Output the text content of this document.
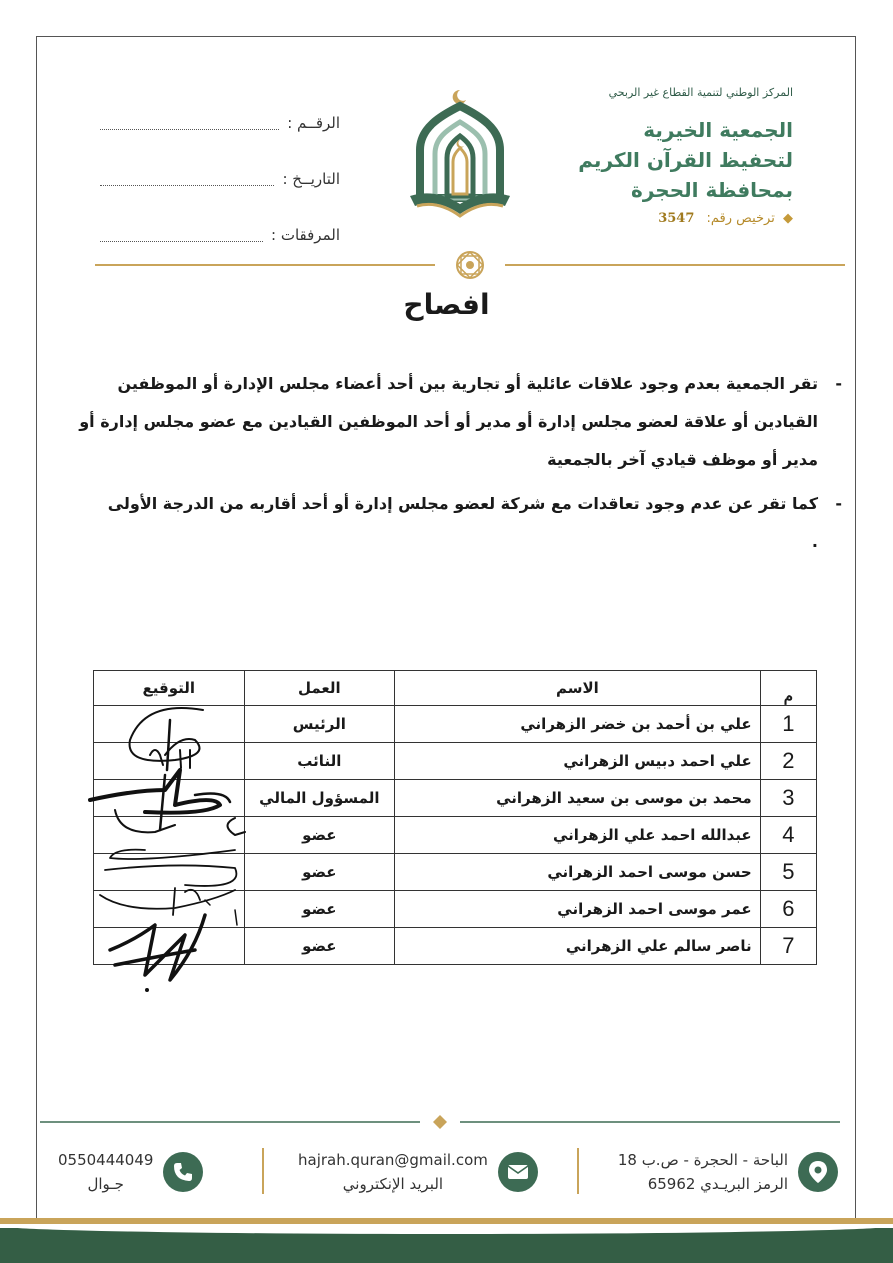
المركز الوطني لتنمية القطاع غير الربحي
الجمعية الخيرية
لتحفيظ القرآن الكريم
بمحافظة الحجرة
◆ ترخيص رقم: 3547
الرقــم :
التاريــخ :
المرفقات :
افصاح
-
تقر الجمعية بعدم وجود علاقات عائلية أو تجارية بين أحد أعضاء مجلس الإدارة أو الموظفين القيادين أو علاقة لعضو مجلس إدارة أو مدير أو أحد الموظفين القيادين مع عضو مجلس إدارة أو مدير أو موظف قيادي آخر بالجمعية
-
كما تقر عن عدم وجود تعاقدات مع شركة لعضو مجلس إدارة أو أحد أقاربه من الدرجة الأولى
.
م	الاسم	العمل	التوقيع
1	علي بن أحمد بن خضر الزهراني	الرئيس	
2	علي احمد دبيس الزهراني	النائب	
3	محمد بن موسى بن سعيد الزهراني	المسؤول المالي	
4	عبدالله احمد علي الزهراني	عضو	
5	حسن موسى احمد الزهراني	عضو	
6	عمر موسى احمد الزهراني	عضو	
7	ناصر سالم علي الزهراني	عضو	
الباحة - الحجرة - ص.ب 18
الرمز البريـدي 65962
hajrah.quran@gmail.com
البريد الإنكتروني
0550444049
جـوال
